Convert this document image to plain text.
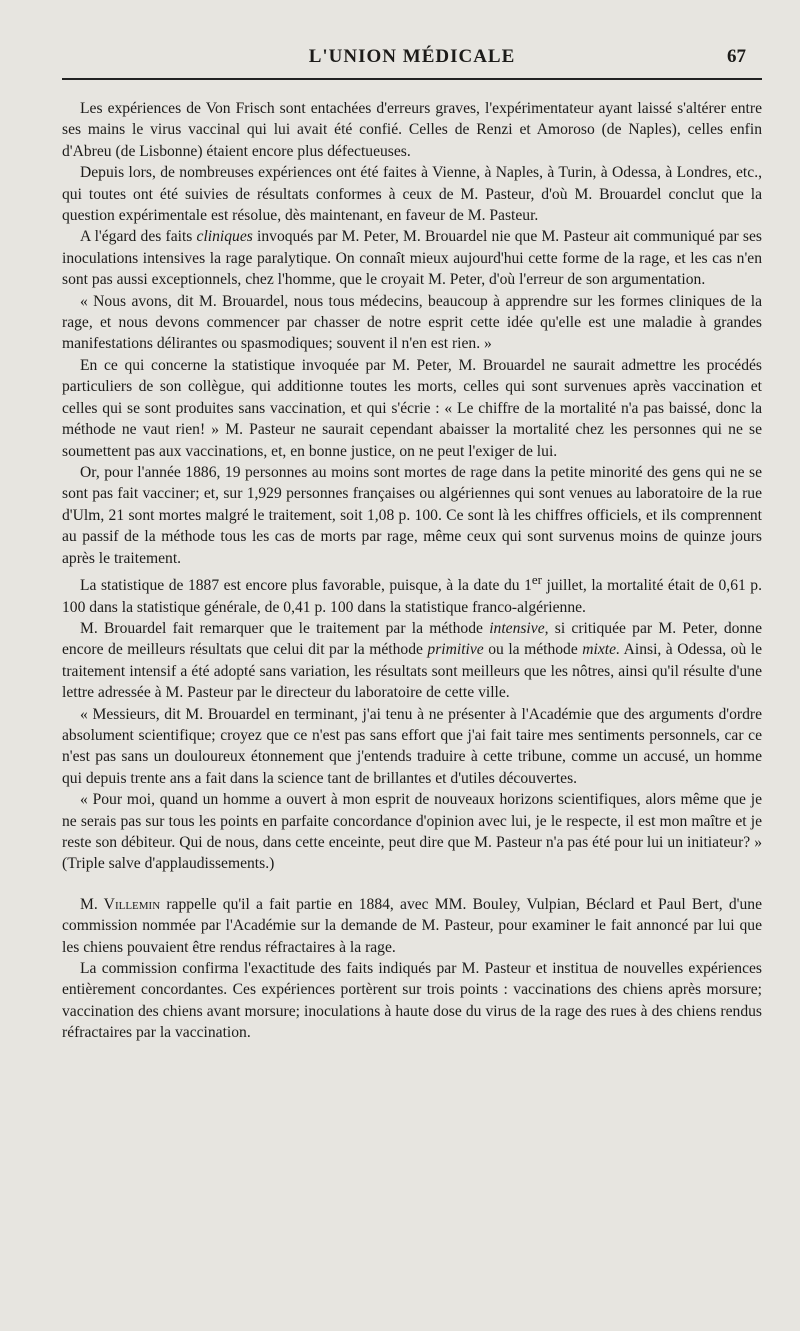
L'UNION MÉDICALE	67

Les expériences de Von Frisch sont entachées d'erreurs graves, l'expérimentateur ayant laissé s'altérer entre ses mains le virus vaccinal qui lui avait été confié. Celles de Renzi et Amoroso (de Naples), celles enfin d'Abreu (de Lisbonne) étaient encore plus défectueuses.

Depuis lors, de nombreuses expériences ont été faites à Vienne, à Naples, à Turin, à Odessa, à Londres, etc., qui toutes ont été suivies de résultats conformes à ceux de M. Pasteur, d'où M. Brouardel conclut que la question expérimentale est résolue, dès maintenant, en faveur de M. Pasteur.

A l'égard des faits cliniques invoqués par M. Peter, M. Brouardel nie que M. Pasteur ait communiqué par ses inoculations intensives la rage paralytique. On connaît mieux aujourd'hui cette forme de la rage, et les cas n'en sont pas aussi exceptionnels, chez l'homme, que le croyait M. Peter, d'où l'erreur de son argumentation.

« Nous avons, dit M. Brouardel, nous tous médecins, beaucoup à apprendre sur les formes cliniques de la rage, et nous devons commencer par chasser de notre esprit cette idée qu'elle est une maladie à grandes manifestations délirantes ou spasmodiques; souvent il n'en est rien. »

En ce qui concerne la statistique invoquée par M. Peter, M. Brouardel ne saurait admettre les procédés particuliers de son collègue, qui additionne toutes les morts, celles qui sont survenues après vaccination et celles qui se sont produites sans vaccination, et qui s'écrie : « Le chiffre de la mortalité n'a pas baissé, donc la méthode ne vaut rien! » M. Pasteur ne saurait cependant abaisser la mortalité chez les personnes qui ne se soumettent pas aux vaccinations, et, en bonne justice, on ne peut l'exiger de lui.

Or, pour l'année 1886, 19 personnes au moins sont mortes de rage dans la petite minorité des gens qui ne se sont pas fait vacciner; et, sur 1,929 personnes françaises ou algériennes qui sont venues au laboratoire de la rue d'Ulm, 21 sont mortes malgré le traitement, soit 1,08 p. 100. Ce sont là les chiffres officiels, et ils comprennent au passif de la méthode tous les cas de morts par rage, même ceux qui sont survenus moins de quinze jours après le traitement.

La statistique de 1887 est encore plus favorable, puisque, à la date du 1er juillet, la mortalité était de 0,61 p. 100 dans la statistique générale, de 0,41 p. 100 dans la statistique franco-algérienne.

M. Brouardel fait remarquer que le traitement par la méthode intensive, si critiquée par M. Peter, donne encore de meilleurs résultats que celui dit par la méthode primitive ou la méthode mixte. Ainsi, à Odessa, où le traitement intensif a été adopté sans variation, les résultats sont meilleurs que les nôtres, ainsi qu'il résulte d'une lettre adressée à M. Pasteur par le directeur du laboratoire de cette ville.

« Messieurs, dit M. Brouardel en terminant, j'ai tenu à ne présenter à l'Académie que des arguments d'ordre absolument scientifique; croyez que ce n'est pas sans effort que j'ai fait taire mes sentiments personnels, car ce n'est pas sans un douloureux étonnement que j'entends traduire à cette tribune, comme un accusé, un homme qui depuis trente ans a fait dans la science tant de brillantes et d'utiles découvertes.

« Pour moi, quand un homme a ouvert à mon esprit de nouveaux horizons scientifiques, alors même que je ne serais pas sur tous les points en parfaite concordance d'opinion avec lui, je le respecte, il est mon maître et je reste son débiteur. Qui de nous, dans cette enceinte, peut dire que M. Pasteur n'a pas été pour lui un initiateur? » (Triple salve d'applaudissements.)

M. Villemin rappelle qu'il a fait partie en 1884, avec MM. Bouley, Vulpian, Béclard et Paul Bert, d'une commission nommée par l'Académie sur la demande de M. Pasteur, pour examiner le fait annoncé par lui que les chiens pouvaient être rendus réfractaires à la rage.

La commission confirma l'exactitude des faits indiqués par M. Pasteur et institua de nouvelles expériences entièrement concordantes. Ces expériences portèrent sur trois points : vaccinations des chiens après morsure; vaccination des chiens avant morsure; inoculations à haute dose du virus de la rage des rues à des chiens rendus réfractaires par la vaccination.
